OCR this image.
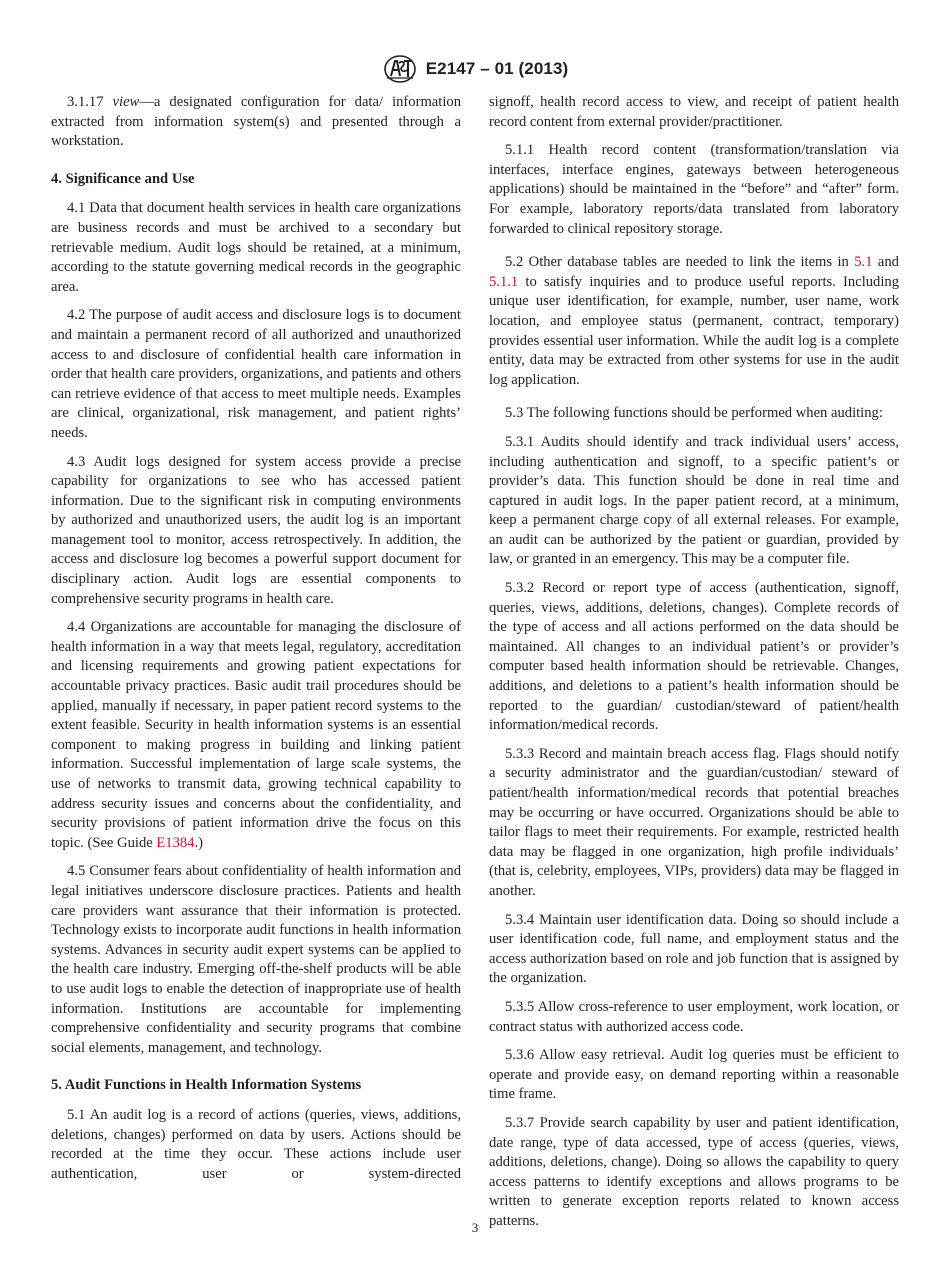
E2147 – 01 (2013)

3.1.17 view—a designated configuration for data/ information extracted from information system(s) and presented through a workstation.

4. Significance and Use

4.1 Data that document health services in health care organizations are business records and must be archived to a secondary but retrievable medium. Audit logs should be retained, at a minimum, according to the statute governing medical records in the geographic area.

4.2 The purpose of audit access and disclosure logs is to document and maintain a permanent record of all authorized and unauthorized access to and disclosure of confidential health care information in order that health care providers, organizations, and patients and others can retrieve evidence of that access to meet multiple needs. Examples are clinical, organizational, risk management, and patient rights’ needs.

4.3 Audit logs designed for system access provide a precise capability for organizations to see who has accessed patient information. Due to the significant risk in computing environments by authorized and unauthorized users, the audit log is an important management tool to monitor, access retrospectively. In addition, the access and disclosure log becomes a powerful support document for disciplinary action. Audit logs are essential components to comprehensive security programs in health care.

4.4 Organizations are accountable for managing the disclosure of health information in a way that meets legal, regulatory, accreditation and licensing requirements and growing patient expectations for accountable privacy practices. Basic audit trail procedures should be applied, manually if necessary, in paper patient record systems to the extent feasible. Security in health information systems is an essential component to making progress in building and linking patient information. Successful implementation of large scale systems, the use of networks to transmit data, growing technical capability to address security issues and concerns about the confidentiality, and security provisions of patient information drive the focus on this topic. (See Guide E1384.)

4.5 Consumer fears about confidentiality of health information and legal initiatives underscore disclosure practices. Patients and health care providers want assurance that their information is protected. Technology exists to incorporate audit functions in health information systems. Advances in security audit expert systems can be applied to the health care industry. Emerging off-the-shelf products will be able to use audit logs to enable the detection of inappropriate use of health information. Institutions are accountable for implementing comprehensive confidentiality and security programs that combine social elements, management, and technology.

5. Audit Functions in Health Information Systems

5.1 An audit log is a record of actions (queries, views, additions, deletions, changes) performed on data by users. Actions should be recorded at the time they occur. These actions include user authentication, user or system-directed

signoff, health record access to view, and receipt of patient health record content from external provider/practitioner.

5.1.1 Health record content (transformation/translation via interfaces, interface engines, gateways between heterogeneous applications) should be maintained in the “before” and “after” form. For example, laboratory reports/data translated from laboratory forwarded to clinical repository storage.

5.2 Other database tables are needed to link the items in 5.1 and 5.1.1 to satisfy inquiries and to produce useful reports. Including unique user identification, for example, number, user name, work location, and employee status (permanent, contract, temporary) provides essential user information. While the audit log is a complete entity, data may be extracted from other systems for use in the audit log application.

5.3 The following functions should be performed when auditing:

5.3.1 Audits should identify and track individual users’ access, including authentication and signoff, to a specific patient’s or provider’s data. This function should be done in real time and captured in audit logs. In the paper patient record, at a minimum, keep a permanent charge copy of all external releases. For example, an audit can be authorized by the patient or guardian, provided by law, or granted in an emergency. This may be a computer file.

5.3.2 Record or report type of access (authentication, signoff, queries, views, additions, deletions, changes). Complete records of the type of access and all actions performed on the data should be maintained. All changes to an individual patient’s or provider’s computer based health information should be retrievable. Changes, additions, and deletions to a patient’s health information should be reported to the guardian/ custodian/steward of patient/health information/medical records.

5.3.3 Record and maintain breach access flag. Flags should notify a security administrator and the guardian/custodian/ steward of patient/health information/medical records that potential breaches may be occurring or have occurred. Organizations should be able to tailor flags to meet their requirements. For example, restricted health data may be flagged in one organization, high profile individuals’ (that is, celebrity, employees, VIPs, providers) data may be flagged in another.

5.3.4 Maintain user identification data. Doing so should include a user identification code, full name, and employment status and the access authorization based on role and job function that is assigned by the organization.

5.3.5 Allow cross-reference to user employment, work location, or contract status with authorized access code.

5.3.6 Allow easy retrieval. Audit log queries must be efficient to operate and provide easy, on demand reporting within a reasonable time frame.

5.3.7 Provide search capability by user and patient identification, date range, type of data accessed, type of access (queries, views, additions, deletions, change). Doing so allows the capability to query access patterns to identify exceptions and allows programs to be written to generate exception reports related to known access patterns.

3
